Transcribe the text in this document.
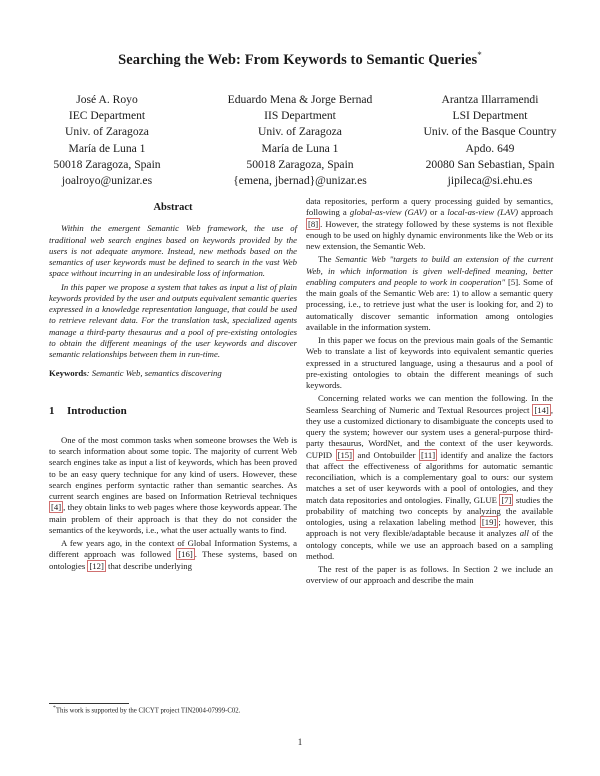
Searching the Web: From Keywords to Semantic Queries*
José A. Royo
IEC Department
Univ. of Zaragoza
María de Luna 1
50018 Zaragoza, Spain
joalroyo@unizar.es
Eduardo Mena & Jorge Bernad
IIS Department
Univ. of Zaragoza
María de Luna 1
50018 Zaragoza, Spain
{emena, jbernad}@unizar.es
Arantza Illarramendi
LSI Department
Univ. of the Basque Country
Apdo. 649
20080 San Sebastian, Spain
jipileca@si.ehu.es
Abstract

Within the emergent Semantic Web framework, the use of traditional web search engines based on keywords provided by the users is not adequate anymore. Instead, new methods based on the semantics of user keywords must be defined to search in the vast Web space without incurring in an undesirable loss of information.

In this paper we propose a system that takes as input a list of plain keywords provided by the user and outputs equivalent semantic queries expressed in a knowledge representation language, that could be used to retrieve relevant data. For the translation task, specialized agents manage a third-party thesaurus and a pool of pre-existing ontologies to obtain the different meanings of the user keywords and discover semantic relationships between them in run-time.

Keywords: Semantic Web, semantics discovering
1 Introduction

One of the most common tasks when someone browses the Web is to search information about some topic. The majority of current Web search engines take as input a list of keywords, which has been proved to be an easy query technique for any kind of users. However, these search engines perform syntactic rather than semantic searches. As current search engines are based on Information Retrieval techniques [4] , they obtain links to web pages where those keywords appear. The main problem of their approach is that they do not consider the semantics of the keywords, i.e., what the user actually wants to find.

A few years ago, in the context of Global Information Systems, a different approach was followed [16] . These systems, based on ontologies [12] that describe underlying

data repositories, perform a query processing guided by semantics, following a global-as-view (GAV) or a local-as-view (LAV) approach [8] . However, the strategy followed by these systems is not flexible enough to be used on highly dynamic environments like the Web or its new extension, the Semantic Web.

The Semantic Web "targets to build an extension of the current Web, in which information is given well-defined meaning, better enabling computers and people to work in cooperation" [5]. Some of the main goals of the Semantic Web are: 1) to allow a semantic query processing, i.e., to retrieve just what the user is looking for, and 2) to automatically discover semantic information among ontologies available in the information system.

In this paper we focus on the previous main goals of the Semantic Web to translate a list of keywords into equivalent semantic queries expressed in a structured language, using a thesaurus and a pool of pre-existing ontologies to obtain the different meanings of such keywords.

Concerning related works we can mention the following. In the Seamless Searching of Numeric and Textual Resources project [14] , they use a customized dictionary to disambiguate the concepts used to query the system; however our system uses a general-purpose third-party thesaurus, WordNet, and the context of the user keywords. CUPID [15] and Ontobuilder [11] identify and analize the factors that affect the effectiveness of algorithms for automatic semantic reconciliation, which is a complementary goal to ours: our system matches a set of user keywords with a pool of ontologies, and they match data repositories and ontologies. Finally, GLUE [7] studies the probability of matching two concepts by analyzing the available ontologies, using a relaxation labeling method [19] ; however, this approach is not very flexible/adaptable because it analyzes all of the ontology concepts, while we use an approach based on a sampling method.

The rest of the paper is as follows. In Section 2 we include an overview of our approach and describe the main

*This work is supported by the CICYT project TIN2004-07999-C02.
1
